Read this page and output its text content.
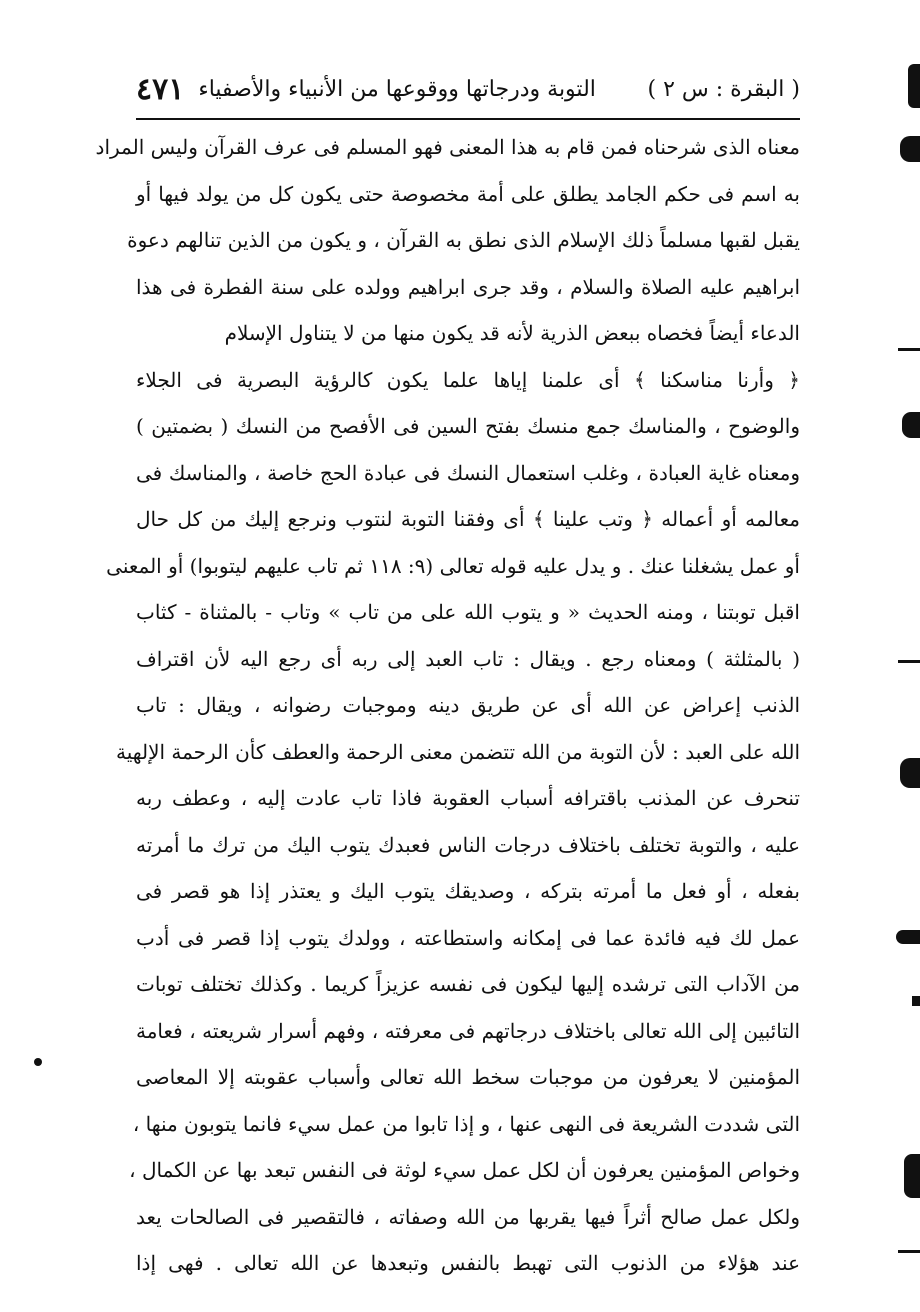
( البقرة : س ٢ )
التوبة ودرجاتها ووقوعها من الأنبياء والأصفياء
٤٧١
معناه الذى شرحناه فمن قام به هذا المعنى فهو المسلم فى عرف القرآن وليس المراد
به اسم فى حكم الجامد يطلق على أمة مخصوصة حتى يكون كل من يولد فيها أو
يقبل لقبها مسلماً ذلك الإسلام الذى نطق به القرآن ، و يكون من الذين تنالهم دعوة
ابراهيم عليه الصلاة والسلام ، وقد جرى ابراهيم وولده على سنة الفطرة فى هذا
الدعاء أيضاً فخصاه ببعض الذرية لأنه قد يكون منها من لا يتناول الإسلام
﴿ وأرنا مناسكنا ﴾ أى علمنا إياها علما يكون كالرؤية البصرية فى الجلاء
والوضوح ، والمناسك جمع منسك بفتح السين فى الأفصح من النسك ( بضمتين )
ومعناه غاية العبادة ، وغلب استعمال النسك فى عبادة الحج خاصة ، والمناسك فى
معالمه أو أعماله ﴿ وتب علينا ﴾ أى وفقنا التوبة لنتوب ونرجع إليك من كل حال
أو عمل يشغلنا عنك . و يدل عليه قوله تعالى (٩: ١١٨ ثم تاب عليهم ليتوبوا) أو المعنى
اقبل توبتنا ، ومنه الحديث « و يتوب الله على من تاب » وتاب - بالمثناة - كثاب
( بالمثلثة ) ومعناه رجع . ويقال : تاب العبد إلى ربه أى رجع اليه لأن اقتراف
الذنب إعراض عن الله أى عن طريق دينه وموجبات رضوانه ، ويقال : تاب
الله على العبد : لأن التوبة من الله تتضمن معنى الرحمة والعطف كأن الرحمة الإلهية
تنحرف عن المذنب باقترافه أسباب العقوبة فاذا تاب عادت إليه ، وعطف ربه
عليه ، والتوبة تختلف باختلاف درجات الناس فعبدك يتوب اليك من ترك ما أمرته
بفعله ، أو فعل ما أمرته بتركه ، وصديقك يتوب اليك و يعتذر إذا هو قصر فى
عمل لك فيه فائدة عما فى إمكانه واستطاعته ، وولدك يتوب إذا قصر فى أدب
من الآداب التى ترشده إليها ليكون فى نفسه عزيزاً كريما . وكذلك تختلف توبات
التائبين إلى الله تعالى باختلاف درجاتهم فى معرفته ، وفهم أسرار شريعته ، فعامة
المؤمنين لا يعرفون من موجبات سخط الله تعالى وأسباب عقوبته إلا المعاصى
التى شددت الشريعة فى النهى عنها ، و إذا تابوا من عمل سيء فانما يتوبون منها ،
وخواص المؤمنين يعرفون أن لكل عمل سيء لوثة فى النفس تبعد بها عن الكمال ،
ولكل عمل صالح أثراً فيها يقربها من الله وصفاته ، فالتقصير فى الصالحات يعد
عند هؤلاء من الذنوب التى تهبط بالنفس وتبعدها عن الله تعالى . فهى إذا
